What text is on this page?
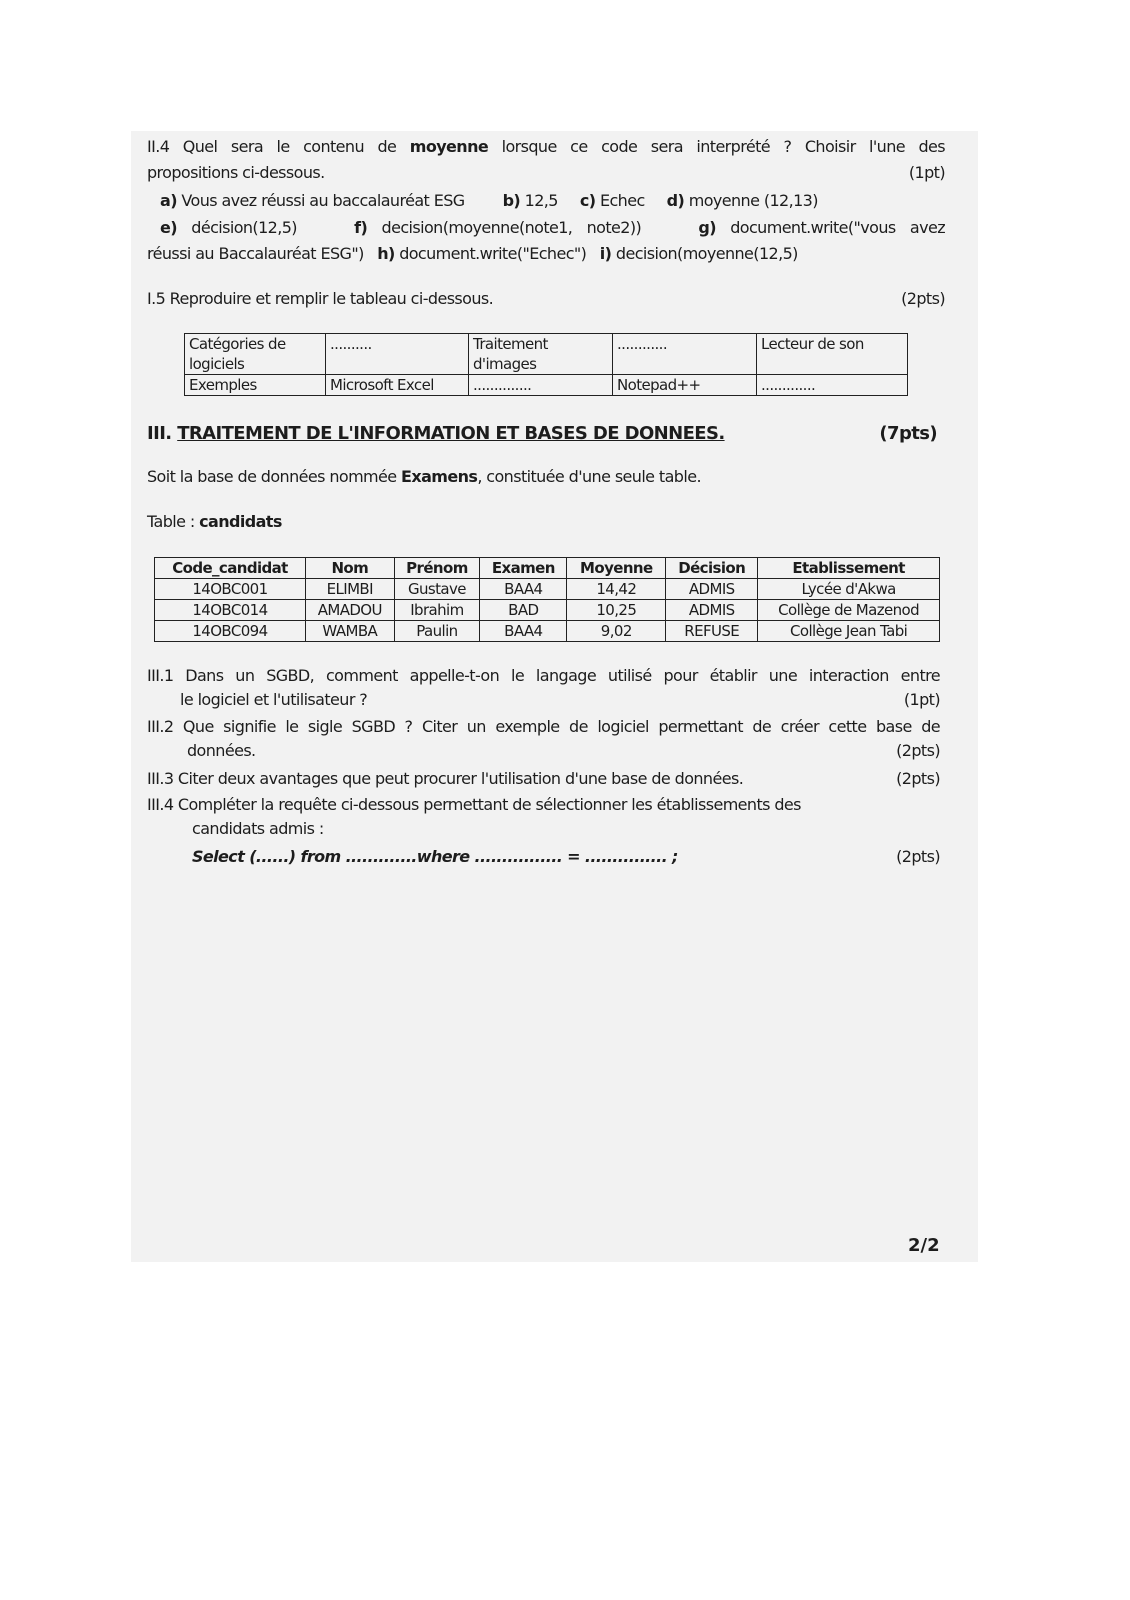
II.4 Quel sera le contenu de moyenne lorsque ce code sera interprété ? Choisir l'une des
propositions ci-dessous.	(1pt)
a) Vous avez réussi au baccalauréat ESG b) 12,5 c) Echec d) moyenne (12,13)
e) décision(12,5)	f) decision(moyenne(note1, note2))	g) document.write("vous avez
réussi au Baccalauréat ESG") h) document.write("Echec") i) decision(moyenne(12,5)
I.5 Reproduire et remplir le tableau ci-dessous.	(2pts)
Catégories de logiciels	..........	Traitement d'images	............	Lecteur de son
Exemples	Microsoft Excel	..............	Notepad++	.............
III. TRAITEMENT DE L'INFORMATION ET BASES DE DONNEES.	(7pts)
Soit la base de données nommée Examens, constituée d'une seule table.
Table : candidats
Code_candidat	Nom	Prénom	Examen	Moyenne	Décision	Etablissement
14OBC001	ELIMBI	Gustave	BAA4	14,42	ADMIS	Lycée d'Akwa
14OBC014	AMADOU	Ibrahim	BAD	10,25	ADMIS	Collège de Mazenod
14OBC094	WAMBA	Paulin	BAA4	9,02	REFUSE	Collège Jean Tabi
III.1 Dans un SGBD, comment appelle-t-on le langage utilisé pour établir une interaction entre
le logiciel et l'utilisateur ?	(1pt)
III.2 Que signifie le sigle SGBD ? Citer un exemple de logiciel permettant de créer cette base de
données.	(2pts)
III.3 Citer deux avantages que peut procurer l'utilisation d'une base de données.	(2pts)
III.4 Compléter la requête ci-dessous permettant de sélectionner les établissements des
candidats admis :
Select (......) from .............where ................ = ............... ;	(2pts)
2/2
